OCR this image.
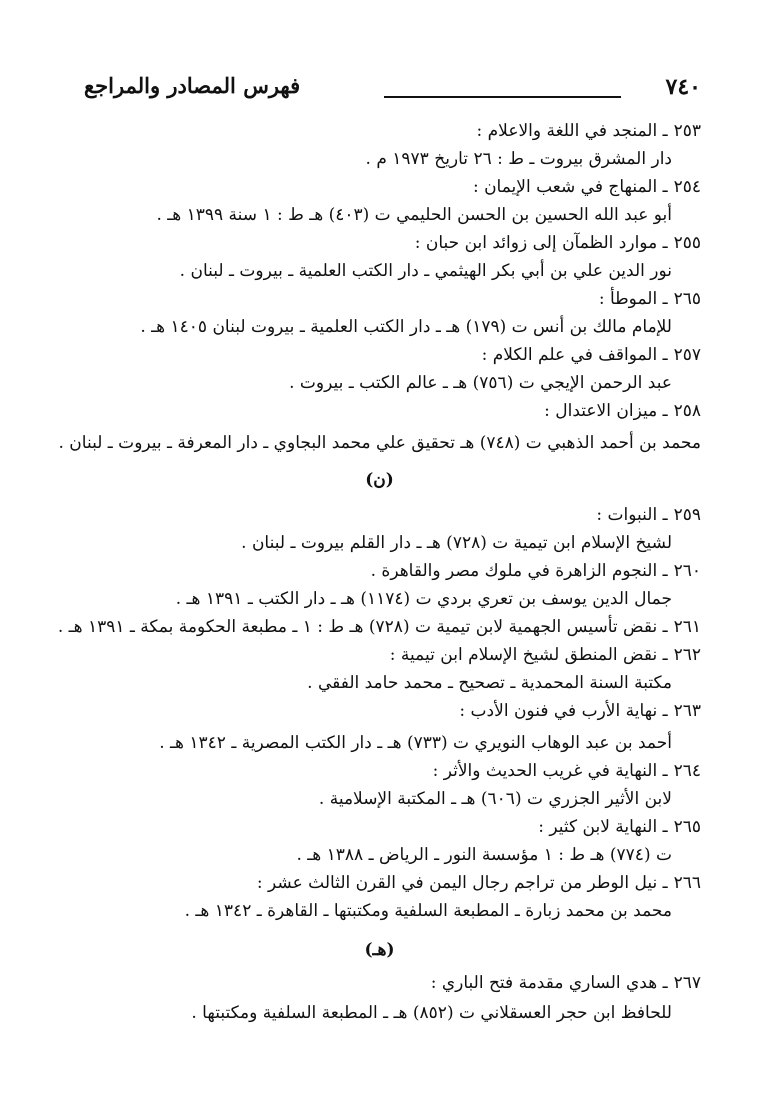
٧٤٠
فهرس المصادر والمراجع
٢٥٣ـ المنجد في اللغة والاعلام :
دار المشرق بيروت ـ ط : ٢٦ تاريخ ١٩٧٣ م .
٢٥٤ـ المنهاج في شعب الإيمان :
أبو عبد الله الحسين بن الحسن الحليمي ت (٤٠٣) هـ ط : ١ سنة ١٣٩٩ هـ .
٢٥٥ـ موارد الظمآن إلى زوائد ابن حبان :
نور الدين علي بن أبي بكر الهيثمي ـ دار الكتب العلمية ـ بيروت ـ لبنان .
٢٦٥ـ الموطأ :
للإمام مالك بن أنس ت (١٧٩) هـ ـ دار الكتب العلمية ـ بيروت لبنان ١٤٠٥ هـ .
٢٥٧ـ المواقف في علم الكلام :
عبد الرحمن الإيجي ت (٧٥٦) هـ ـ عالم الكتب ـ بيروت .
٢٥٨ـ ميزان الاعتدال :
محمد بن أحمد الذهبي ت (٧٤٨) هـ تحقيق علي محمد البجاوي ـ دار المعرفة ـ بيروت ـ لبنان .
(ن)
٢٥٩ـ النبوات :
لشيخ الإسلام ابن تيمية ت (٧٢٨) هـ ـ دار القلم بيروت ـ لبنان .
٢٦٠ـ النجوم الزاهرة في ملوك مصر والقاهرة .
جمال الدين يوسف بن تعري بردي ت (١١٧٤) هـ ـ دار الكتب ـ ١٣٩١ هـ .
٢٦١ـ نقض تأسيس الجهمية لابن تيمية ت (٧٢٨) هـ ط : ١ ـ مطبعة الحكومة بمكة ـ ١٣٩١ هـ .
٢٦٢ـ نقض المنطق لشيخ الإسلام ابن تيمية :
مكتبة السنة المحمدية ـ تصحيح ـ محمد حامد الفقي .
٢٦٣ـ نهاية الأرب في فنون الأدب :
أحمد بن عبد الوهاب النويري ت (٧٣٣) هـ ـ دار الكتب المصرية ـ ١٣٤٢ هـ .
٢٦٤ـ النهاية في غريب الحديث والأثر :
لابن الأثير الجزري ت (٦٠٦) هـ ـ المكتبة الإسلامية .
٢٦٥ـ النهاية لابن كثير :
ت (٧٧٤) هـ ط : ١ مؤسسة النور ـ الرياض ـ ١٣٨٨ هـ .
٢٦٦ـ نيل الوطر من تراجم رجال اليمن في القرن الثالث عشر :
محمد بن محمد زبارة ـ المطبعة السلفية ومكتبتها ـ القاهرة ـ ١٣٤٢ هـ .
(هـ)
٢٦٧ـ هدي الساري مقدمة فتح الباري :
للحافظ ابن حجر العسقلاني ت (٨٥٢) هـ ـ المطبعة السلفية ومكتبتها .
